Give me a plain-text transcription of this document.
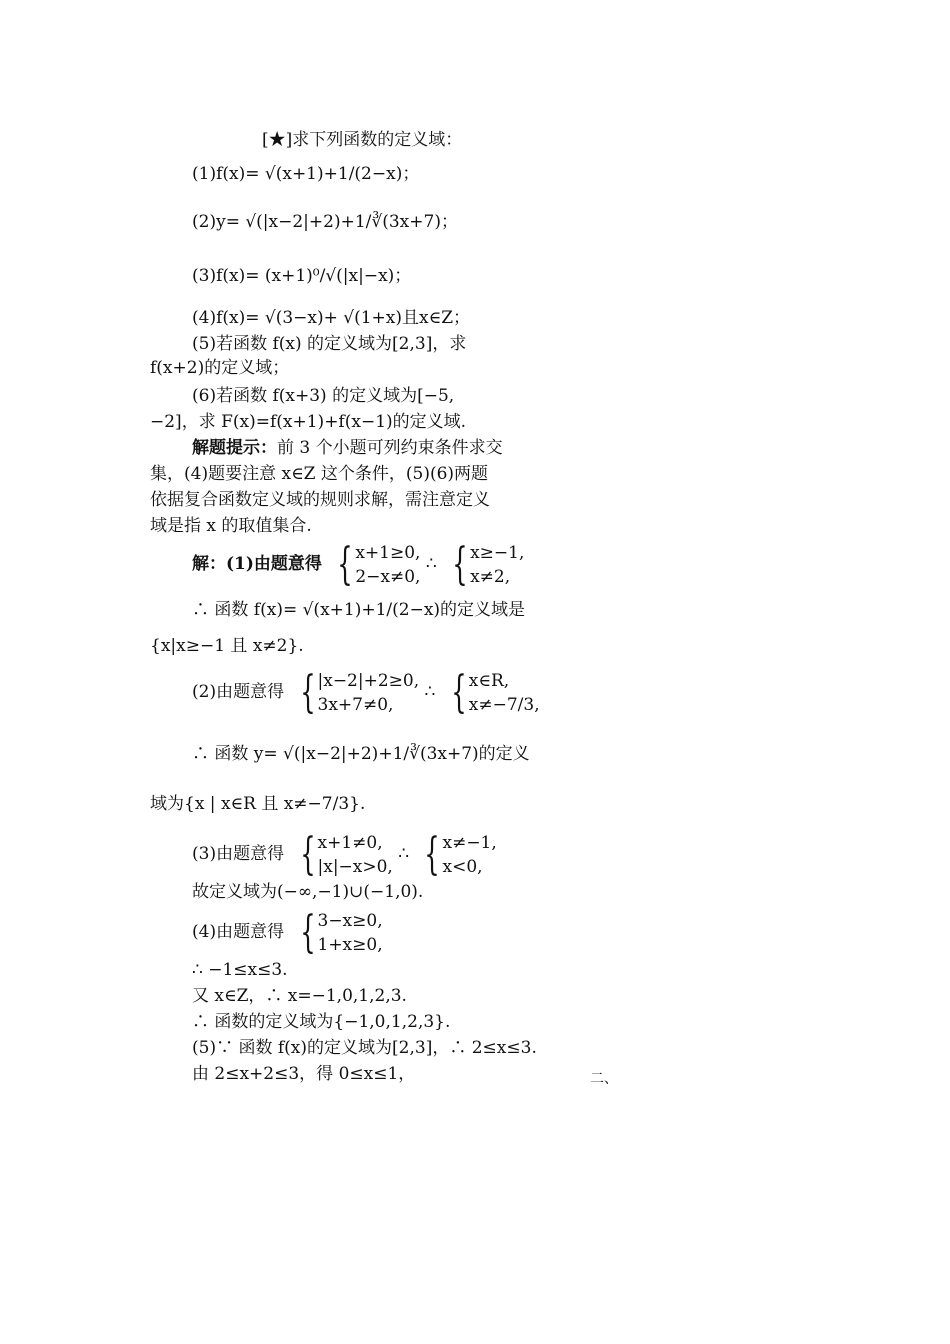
[★]求下列函数的定义域：
(1)f(x)= √(x+1)+1/(2−x)；
(2)y= √(|x−2|+2)+1/∛(3x+7)；
(3)f(x)= (x+1)⁰/√(|x|−x)；
(4)f(x)= √(3−x)+ √(1+x)且x∈Z；
(5)若函数 f(x) 的定义域为[2,3]，求
f(x+2)的定义域；
(6)若函数 f(x+3) 的定义域为[−5,
−2]，求 F(x)=f(x+1)+f(x−1)的定义域.
解题提示：前 3 个小题可列约束条件求交
集，(4)题要注意 x∈Z 这个条件，(5)(6)两题
依据复合函数定义域的规则求解，需注意定义
域是指 x 的取值集合.
解：(1)由题意得 { x+1≥0,
2−x≠0,
∴ { x≥−1,
x≠2,
∴ 函数 f(x)= √(x+1)+1/(2−x)的定义域是
{x|x≥−1 且 x≠2}.
(2)由题意得 { |x−2|+2≥0,
3x+7≠0,
∴ { x∈R,
x≠−7/3,
∴ 函数 y= √(|x−2|+2)+1/∛(3x+7)的定义
域为{x | x∈R 且 x≠−7/3}.
(3)由题意得 { x+1≠0,
|x|−x>0,
∴ { x≠−1,
x<0,
故定义域为(−∞,−1)∪(−1,0).
(4)由题意得 { 3−x≥0,
1+x≥0,
∴ −1≤x≤3.
又 x∈Z，∴ x=−1,0,1,2,3.
∴ 函数的定义域为{−1,0,1,2,3}.
(5)∵ 函数 f(x)的定义域为[2,3]，∴ 2≤x≤3.
由 2≤x+2≤3，得 0≤x≤1，	二、
